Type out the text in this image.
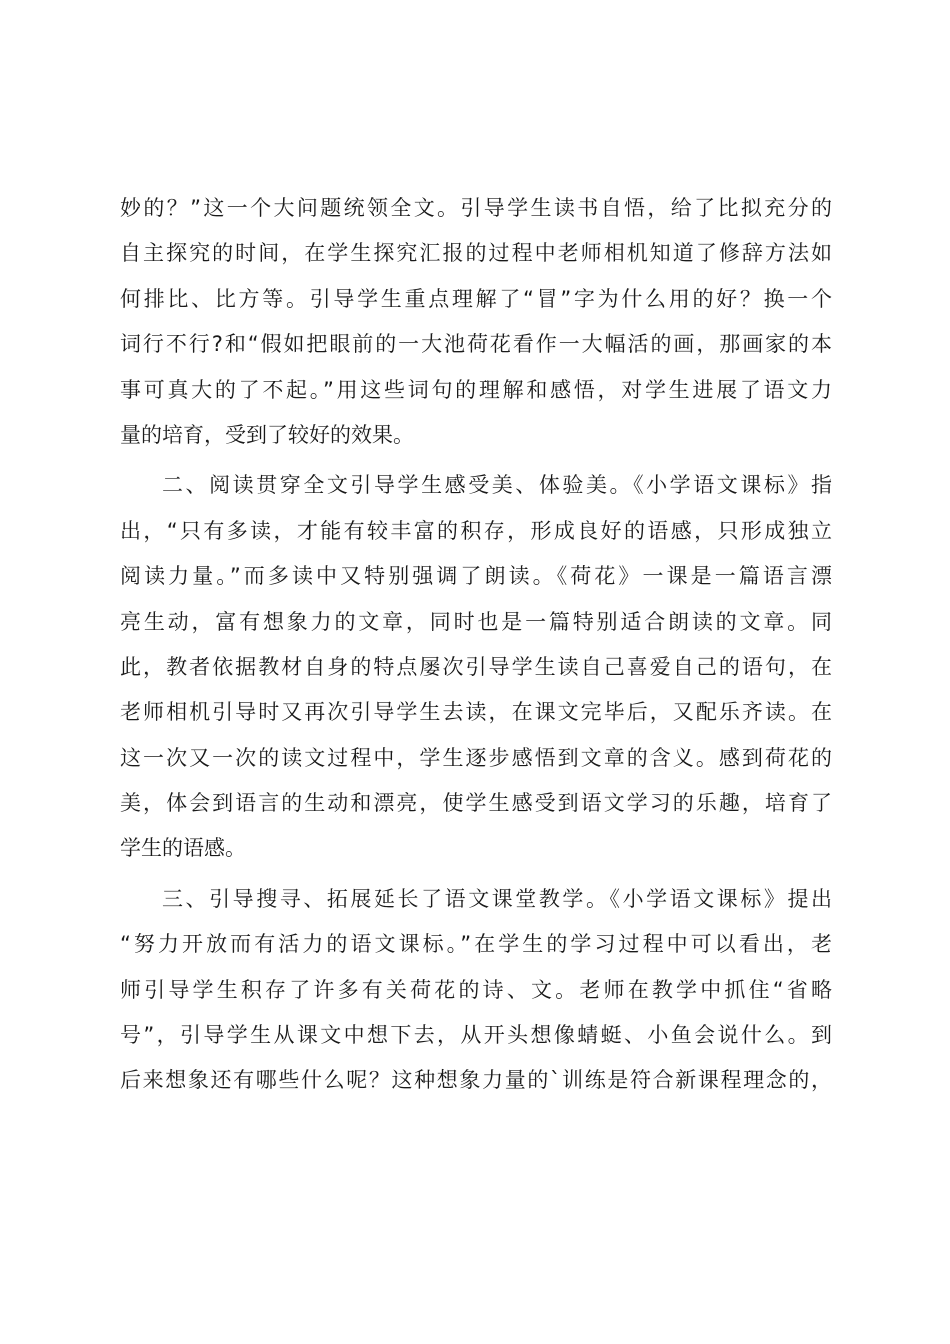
妙的？”这一个大问题统领全文。引导学生读书自悟，给了比拟充分的
自主探究的时间，在学生探究汇报的过程中老师相机知道了修辞方法如
何排比、比方等。引导学生重点理解了“冒”字为什么用的好？换一个
词行不行?和“假如把眼前的一大池荷花看作一大幅活的画，那画家的本
事可真大的了不起。”用这些词句的理解和感悟，对学生进展了语文力
量的培育，受到了较好的效果。
二、阅读贯穿全文引导学生感受美、体验美。《小学语文课标》指
出，“只有多读，才能有较丰富的积存，形成良好的语感，只形成独立
阅读力量。”而多读中又特别强调了朗读。《荷花》一课是一篇语言漂
亮生动，富有想象力的文章，同时也是一篇特别适合朗读的文章。同
此，教者依据教材自身的特点屡次引导学生读自己喜爱自己的语句，在
老师相机引导时又再次引导学生去读，在课文完毕后，又配乐齐读。在
这一次又一次的读文过程中，学生逐步感悟到文章的含义。感到荷花的
美，体会到语言的生动和漂亮，使学生感受到语文学习的乐趣，培育了
学生的语感。
三、引导搜寻、拓展延长了语文课堂教学。《小学语文课标》提出
“努力开放而有活力的语文课标。”在学生的学习过程中可以看出，老
师引导学生积存了许多有关荷花的诗、文。老师在教学中抓住“省略
号”，引导学生从课文中想下去，从开头想像蜻蜓、小鱼会说什么。到
后来想象还有哪些什么呢？这种想象力量的`训练是符合新课程理念的，
